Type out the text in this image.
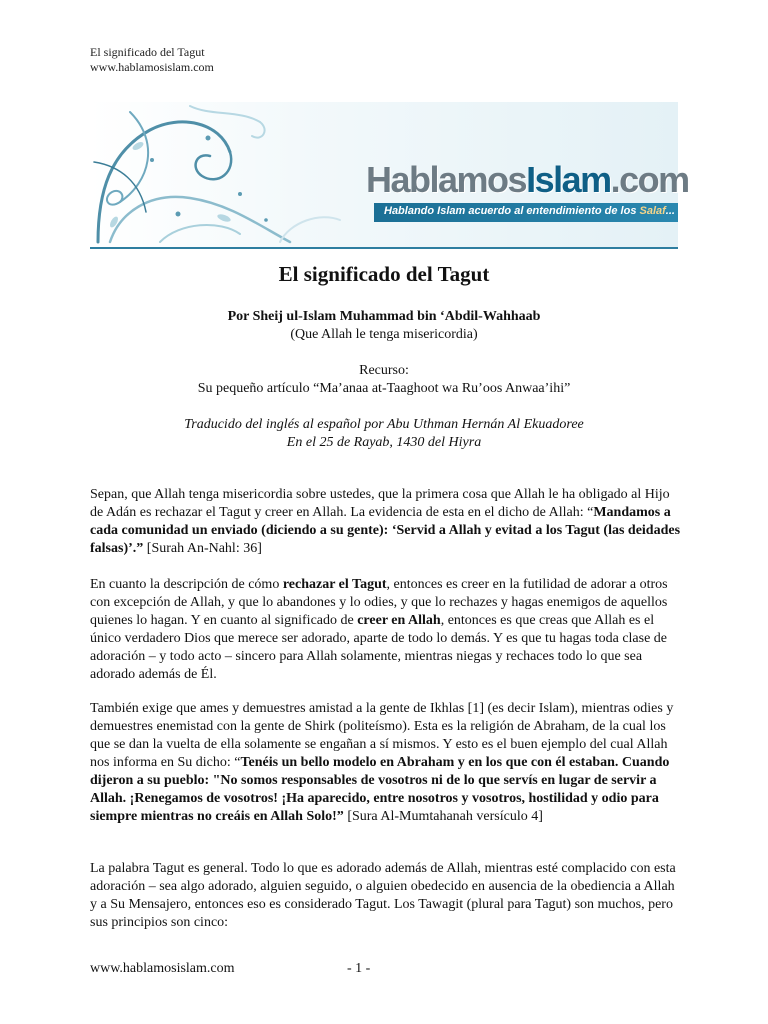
El significado del Tagut
www.hablamosislam.com
HablamosIslam.com
Hablando Islam acuerdo al entendimiento de los Salaf...
El significado del Tagut
Por Sheij ul-Islam Muhammad bin ‘Abdil-Wahhaab
(Que Allah le tenga misericordia)
Recurso:
Su pequeño artículo “Ma’anaa at-Taaghoot wa Ru’oos Anwaa’ihi”
Traducido del inglés al español por Abu Uthman Hernán Al Ekuadoree
En el 25 de Rayab, 1430 del Hiyra

Sepan, que Allah tenga misericordia sobre ustedes, que la primera cosa que Allah le ha obligado al Hijo de Adán es rechazar el Tagut y creer en Allah. La evidencia de esta en el dicho de Allah: “Mandamos a cada comunidad un enviado (diciendo a su gente): ‘Servid a Allah y evitad a los Tagut (las deidades falsas)’.” [Surah An-Nahl: 36]

En cuanto la descripción de cómo rechazar el Tagut, entonces es creer en la futilidad de adorar a otros con excepción de Allah, y que lo abandones y lo odies, y que lo rechazes y hagas enemigos de aquellos quienes lo hagan. Y en cuanto al significado de creer en Allah, entonces es que creas que Allah es el único verdadero Dios que merece ser adorado, aparte de todo lo demás. Y es que tu hagas toda clase de adoración – y todo acto – sincero para Allah solamente, mientras niegas y rechaces todo lo que sea adorado además de Él.

También exige que ames y demuestres amistad a la gente de Ikhlas [1] (es decir Islam), mientras odies y demuestres enemistad con la gente de Shirk (politeísmo). Esta es la religión de Abraham, de la cual los que se dan la vuelta de ella solamente se engañan a sí mismos. Y esto es el buen ejemplo del cual Allah nos informa en Su dicho: “Tenéis un bello modelo en Abraham y en los que con él estaban. Cuando dijeron a su pueblo: "No somos responsables de vosotros ni de lo que servís en lugar de servir a Allah. ¡Renegamos de vosotros! ¡Ha aparecido, entre nosotros y vosotros, hostilidad y odio para siempre mientras no creáis en Allah Solo!” [Sura Al-Mumtahanah versículo 4]

La palabra Tagut es general. Todo lo que es adorado además de Allah, mientras esté complacido con esta adoración – sea algo adorado, alguien seguido, o alguien obedecido en ausencia de la obediencia a Allah y a Su Mensajero, entonces eso es considerado Tagut. Los Tawagit (plural para Tagut) son muchos, pero sus principios son cinco:

www.hablamosislam.com	- 1 -
